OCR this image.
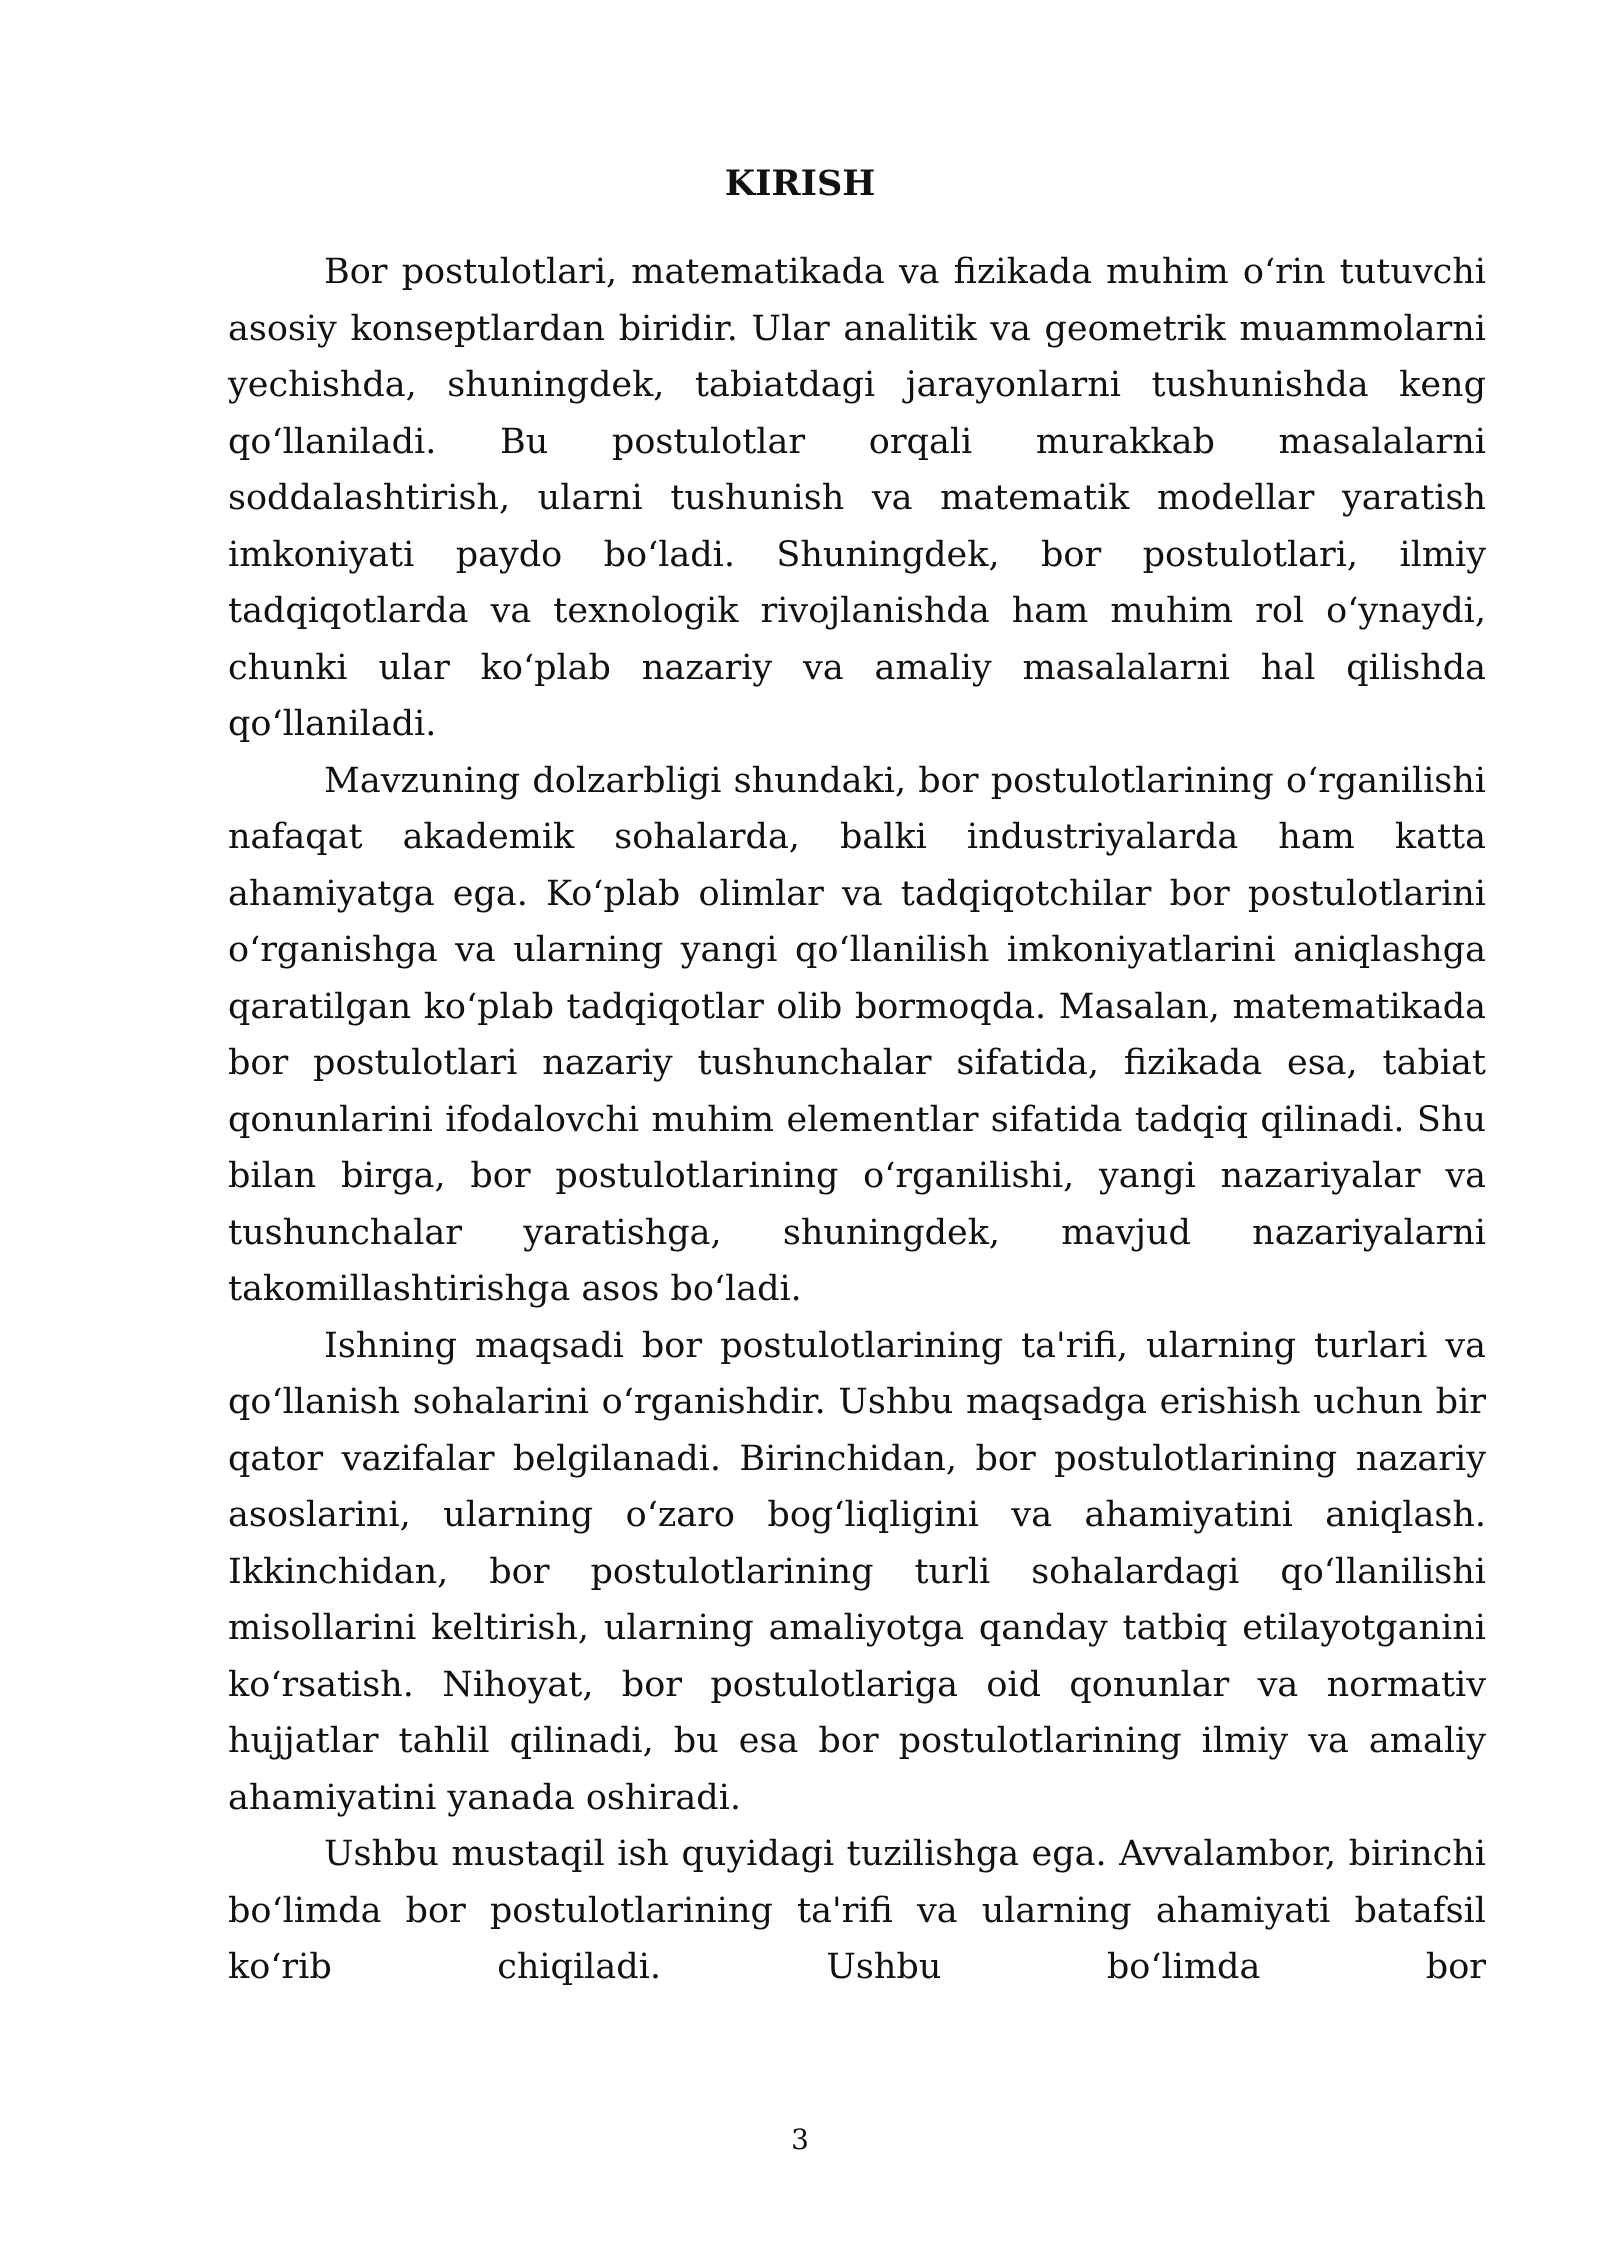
KIRISH

Bor postulotlari, matematikada va fizikada muhim oʻrin tutuvchi asosiy konseptlardan biridir. Ular analitik va geometrik muammolarni yechishda, shuningdek, tabiatdagi jarayonlarni tushunishda keng qoʻllaniladi. Bu postulotlar orqali murakkab masalalarni soddalashtirish, ularni tushunish va matematik modellar yaratish imkoniyati paydo boʻladi. Shuningdek, bor postulotlari, ilmiy tadqiqotlarda va texnologik rivojlanishda ham muhim rol oʻynaydi, chunki ular koʻplab nazariy va amaliy masalalarni hal qilishda qoʻllaniladi.

Mavzuning dolzarbligi shundaki, bor postulotlarining oʻrganilishi nafaqat akademik sohalarda, balki industriyalarda ham katta ahamiyatga ega. Koʻplab olimlar va tadqiqotchilar bor postulotlarini oʻrganishga va ularning yangi qoʻllanilish imkoniyatlarini aniqlashga qaratilgan koʻplab tadqiqotlar olib bormoqda. Masalan, matematikada bor postulotlari nazariy tushunchalar sifatida, fizikada esa, tabiat qonunlarini ifodalovchi muhim elementlar sifatida tadqiq qilinadi. Shu bilan birga, bor postulotlarining oʻrganilishi, yangi nazariyalar va tushunchalar yaratishga, shuningdek, mavjud nazariyalarni takomillashtirishga asos boʻladi.

Ishning maqsadi bor postulotlarining ta'rifi, ularning turlari va qoʻllanish sohalarini oʻrganishdir. Ushbu maqsadga erishish uchun bir qator vazifalar belgilanadi. Birinchidan, bor postulotlarining nazariy asoslarini, ularning oʻzaro bogʻliqligini va ahamiyatini aniqlash. Ikkinchidan, bor postulotlarining turli sohalardagi qoʻllanilishi misollarini keltirish, ularning amaliyotga qanday tatbiq etilayotganini koʻrsatish. Nihoyat, bor postulotlariga oid qonunlar va normativ hujjatlar tahlil qilinadi, bu esa bor postulotlarining ilmiy va amaliy ahamiyatini yanada oshiradi.

Ushbu mustaqil ish quyidagi tuzilishga ega. Avvalambor, birinchi boʻlimda bor postulotlarining ta'rifi va ularning ahamiyati batafsil koʻrib chiqiladi. Ushbu boʻlimda bor

3
